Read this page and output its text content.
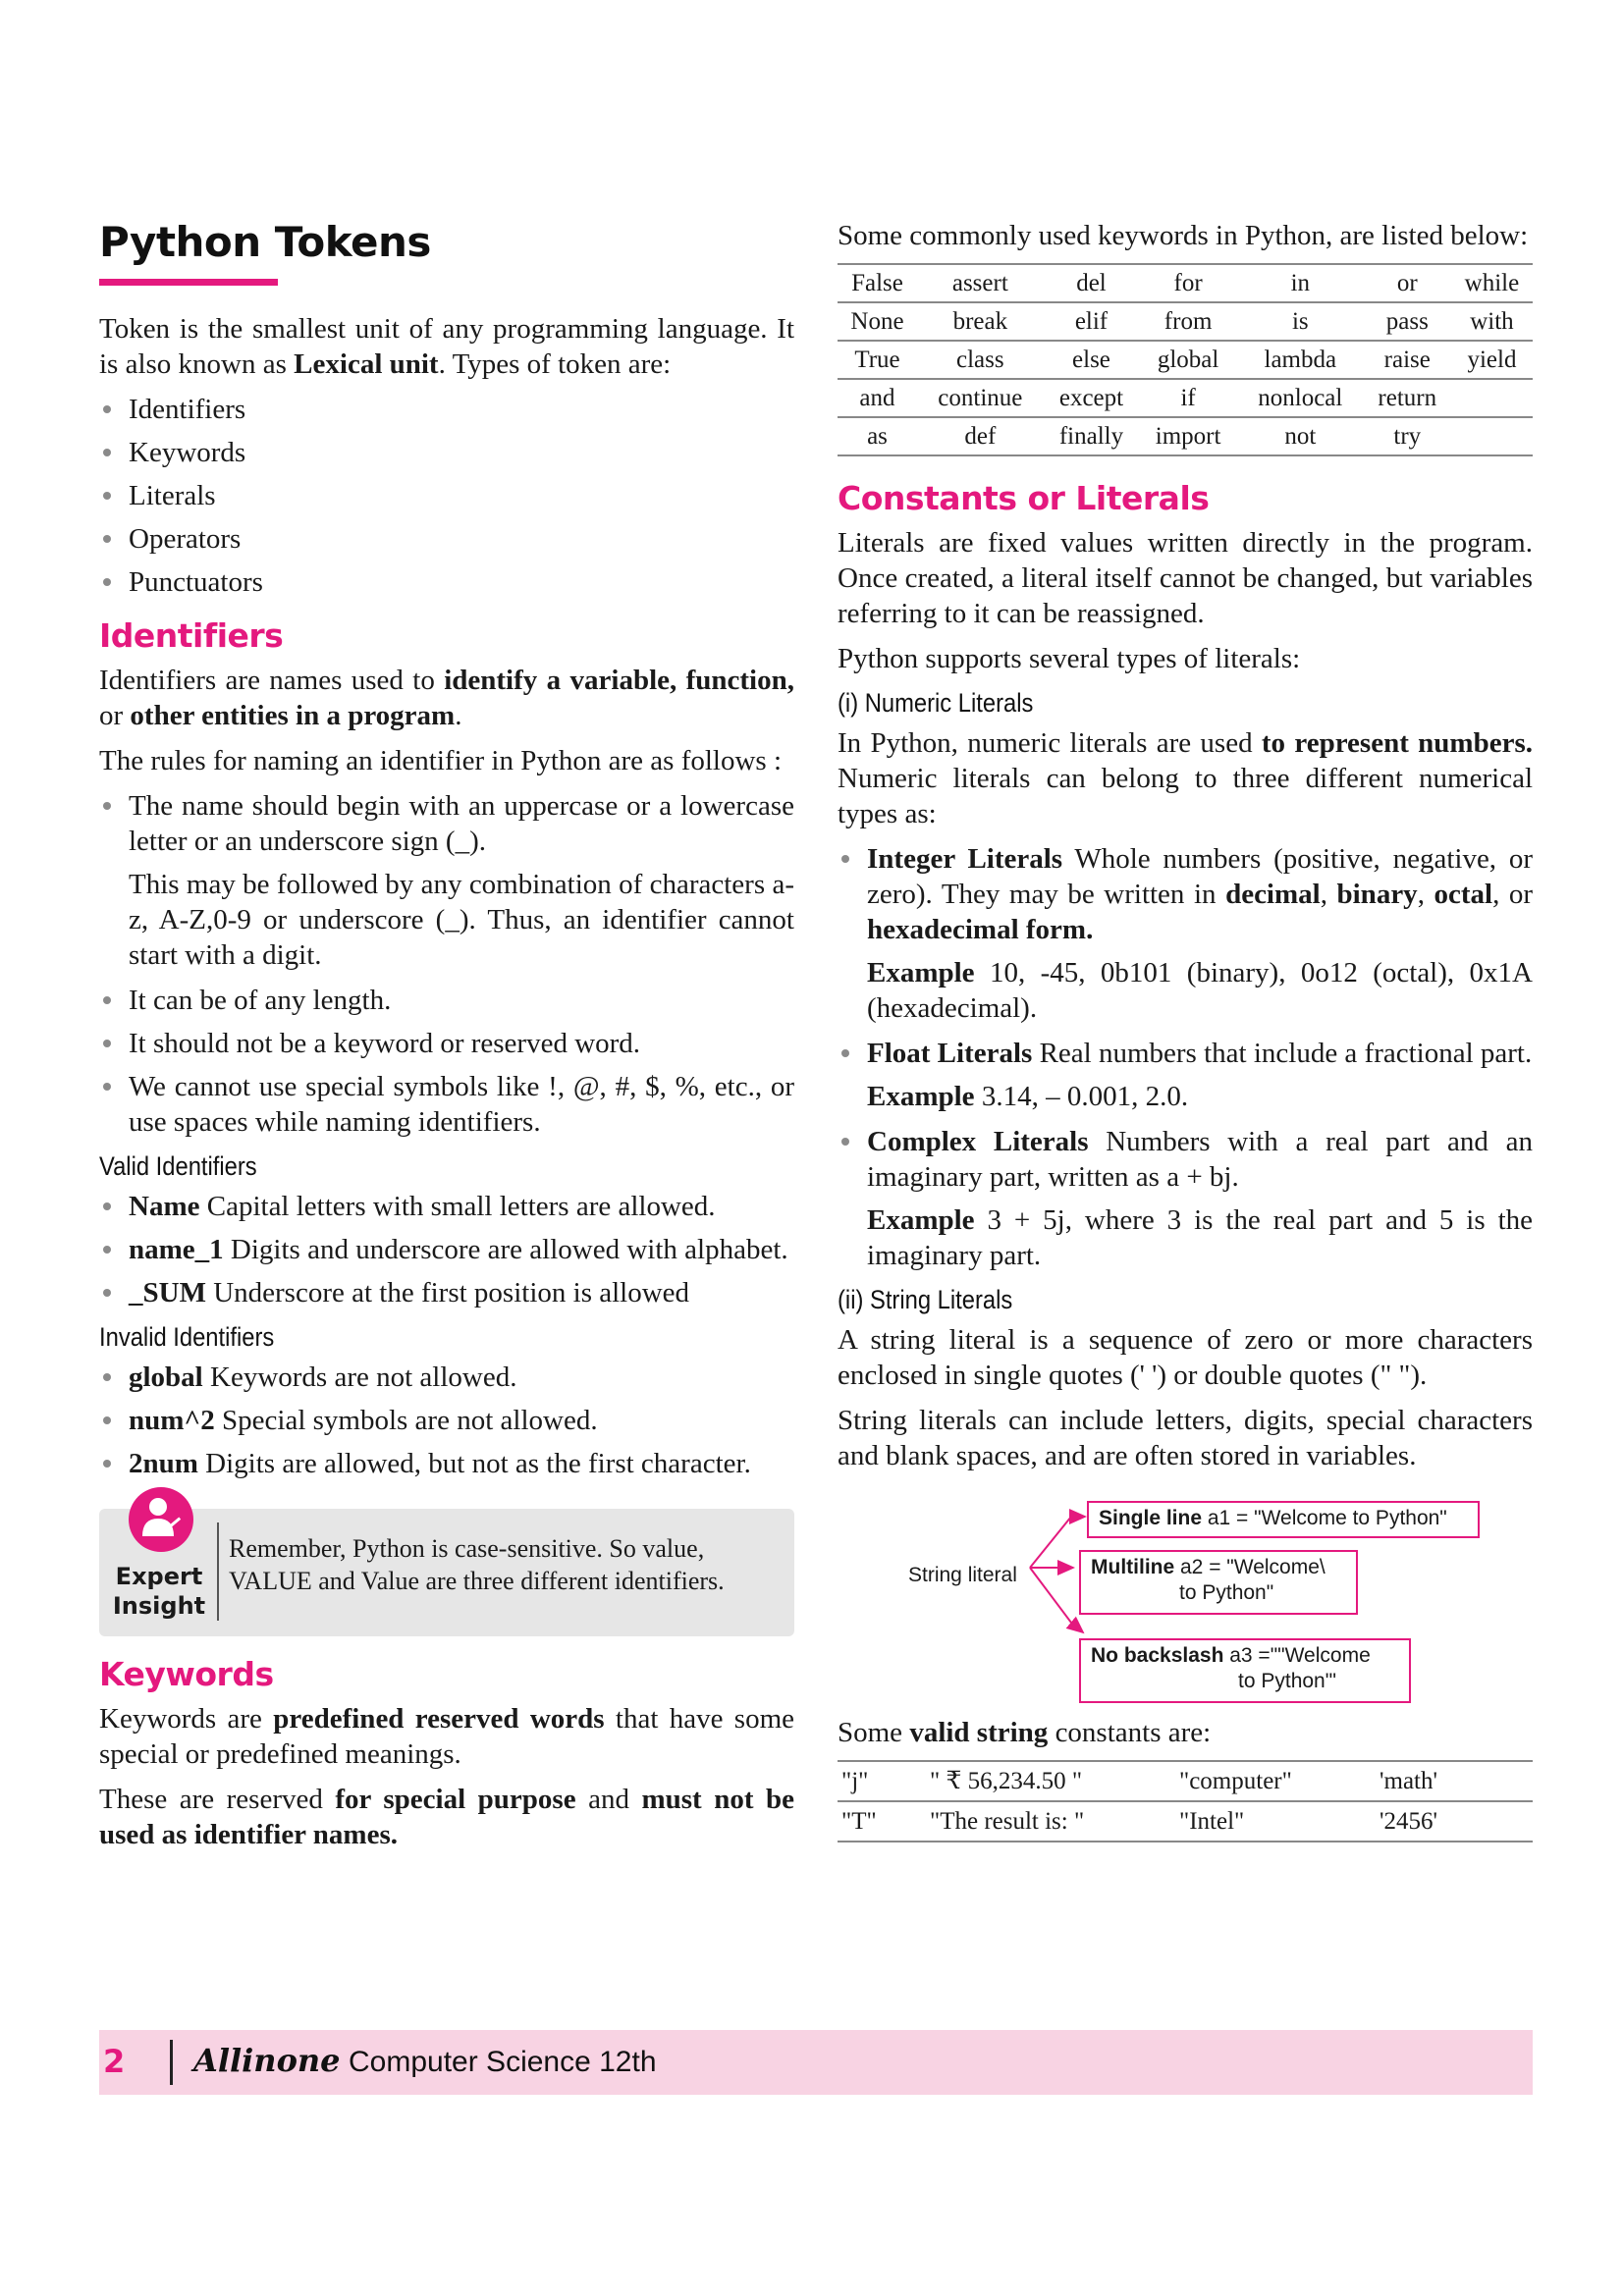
Python Tokens

Token is the smallest unit of any programming language. It is also known as Lexical unit. Types of token are:

Identifiers
Keywords
Literals
Operators
Punctuators
Identifiers

Identifiers are names used to identify a variable, function, or other entities in a program.

The rules for naming an identifier in Python are as follows :

The name should begin with an uppercase or a lowercase letter or an underscore sign (_).

This may be followed by any combination of characters a-z, A-Z,0-9 or underscore (_). Thus, an identifier cannot start with a digit.

It can be of any length.
It should not be a keyword or reserved word.
We cannot use special symbols like !, @, #, $, %, etc., or use spaces while naming identifiers.
Valid Identifiers
Name Capital letters with small letters are allowed.
name_1 Digits and underscore are allowed with alphabet.
_SUM Underscore at the first position is allowed
Invalid Identifiers
global Keywords are not allowed.
num^2 Special symbols are not allowed.
2num Digits are allowed, but not as the first character.
Expert
Insight
Remember, Python is case-sensitive. So value, VALUE and Value are three different identifiers.
Keywords

Keywords are predefined reserved words that have some special or predefined meanings.

These are reserved for special purpose and must not be used as identifier names.

Some commonly used keywords in Python, are listed below:

False	assert	del	for	in	or	while
None	break	elif	from	is	pass	with
True	class	else	global	lambda	raise	yield
and	continue	except	if	nonlocal	return	
as	def	finally	import	not	try	
Constants or Literals

Literals are fixed values written directly in the program. Once created, a literal itself cannot be changed, but variables referring to it can be reassigned.

Python supports several types of literals:

(i) Numeric Literals

In Python, numeric literals are used to represent numbers. Numeric literals can belong to three different numerical types as:

Integer Literals Whole numbers (positive, negative, or zero). They may be written in decimal, binary, octal, or hexadecimal form.

Example 10, -45, 0b101 (binary), 0o12 (octal), 0x1A (hexadecimal).

Float Literals Real numbers that include a fractional part.

Example 3.14, – 0.001, 2.0.

Complex Literals Numbers with a real part and an imaginary part, written as a + bj.

Example 3 + 5j, where 3 is the real part and 5 is the imaginary part.

(ii) String Literals

A string literal is a sequence of zero or more characters enclosed in single quotes (' ') or double quotes (" ").

String literals can include letters, digits, special characters and blank spaces, and are often stored in variables.

String literal
Single line a1 = "Welcome to Python"
Multiline a2 = "Welcome\
to Python"
No backslash a3 =""Welcome
to Python"'

Some valid string constants are:

"j"	" ₹ 56,234.50 "	"computer"	'math'
"T"	"The result is: "	"Intel"	'2456'
2 Allinone Computer Science 12th
